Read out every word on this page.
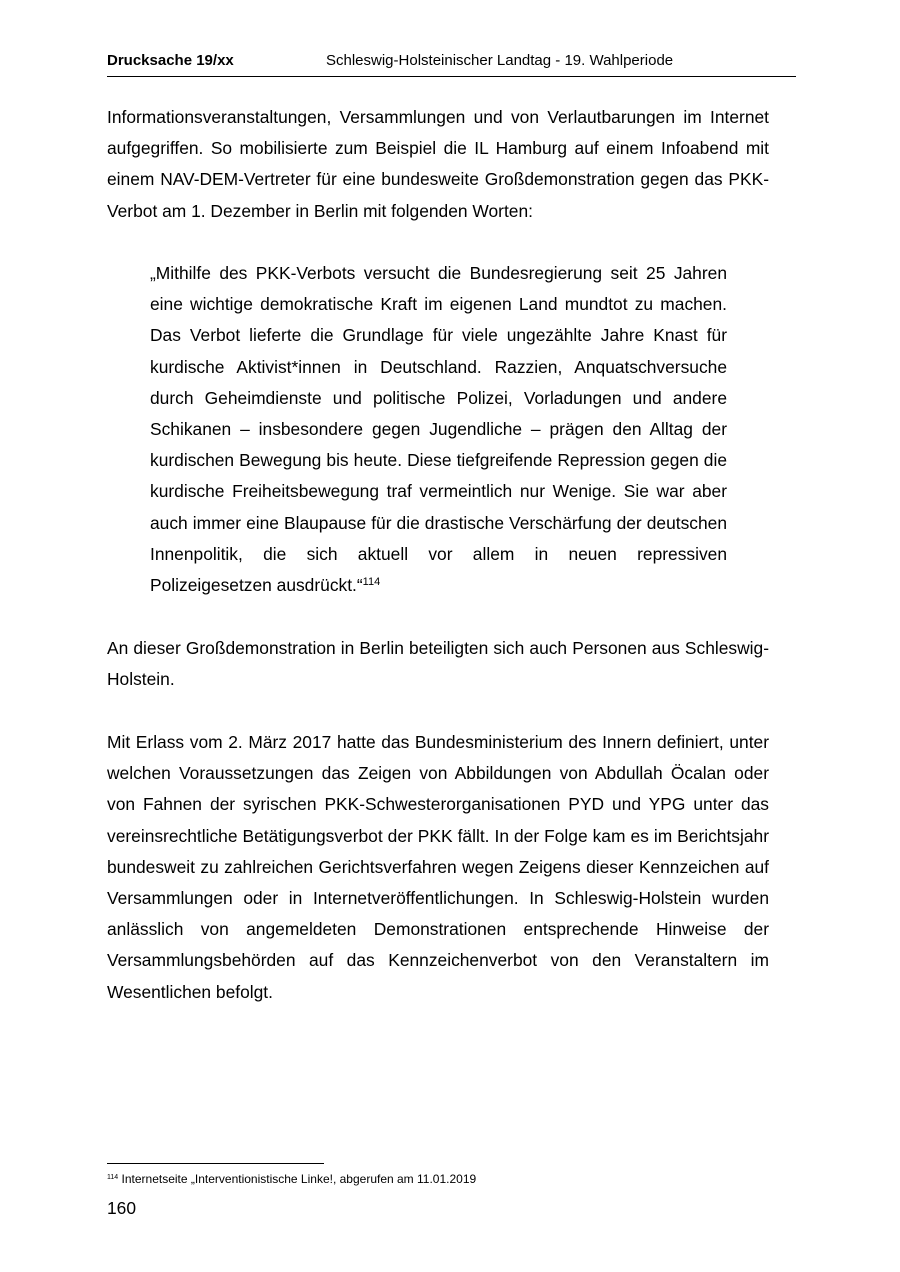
Drucksache 19/xx	Schleswig-Holsteinischer Landtag - 19. Wahlperiode

Informationsveranstaltungen, Versammlungen und von Verlautbarungen im Internet aufgegriffen. So mobilisierte zum Beispiel die IL Hamburg auf einem Infoabend mit einem NAV-DEM-Vertreter für eine bundesweite Großdemonstration gegen das PKK-Verbot am 1. Dezember in Berlin mit folgenden Worten:

„Mithilfe des PKK-Verbots versucht die Bundesregierung seit 25 Jahren eine wichtige demokratische Kraft im eigenen Land mundtot zu machen. Das Verbot lieferte die Grundlage für viele ungezählte Jahre Knast für kurdische Aktivist*innen in Deutschland. Razzien, Anquatschversuche durch Geheimdienste und politische Polizei, Vorladungen und andere Schikanen – insbesondere gegen Jugendliche – prägen den Alltag der kurdischen Bewegung bis heute. Diese tiefgreifende Repression gegen die kurdische Freiheitsbewegung traf vermeintlich nur Wenige. Sie war aber auch immer eine Blaupause für die drastische Verschärfung der deutschen Innenpolitik, die sich aktuell vor allem in neuen repressiven Polizeigesetzen ausdrückt.“$^{114}$

An dieser Großdemonstration in Berlin beteiligten sich auch Personen aus Schleswig-Holstein.

Mit Erlass vom 2. März 2017 hatte das Bundesministerium des Innern definiert, unter welchen Voraussetzungen das Zeigen von Abbildungen von Abdullah Öcalan oder von Fahnen der syrischen PKK-Schwesterorganisationen PYD und YPG unter das vereinsrechtliche Betätigungsverbot der PKK fällt. In der Folge kam es im Berichtsjahr bundesweit zu zahlreichen Gerichtsverfahren wegen Zeigens dieser Kennzeichen auf Versammlungen oder in Internetveröffentlichungen. In Schleswig-Holstein wurden anlässlich von angemeldeten Demonstrationen entsprechende Hinweise der Versammlungsbehörden auf das Kennzeichenverbot von den Veranstaltern im Wesentlichen befolgt.

$^{114}$ Internetseite „Interventionistische Linke!, abgerufen am 11.01.2019
160
